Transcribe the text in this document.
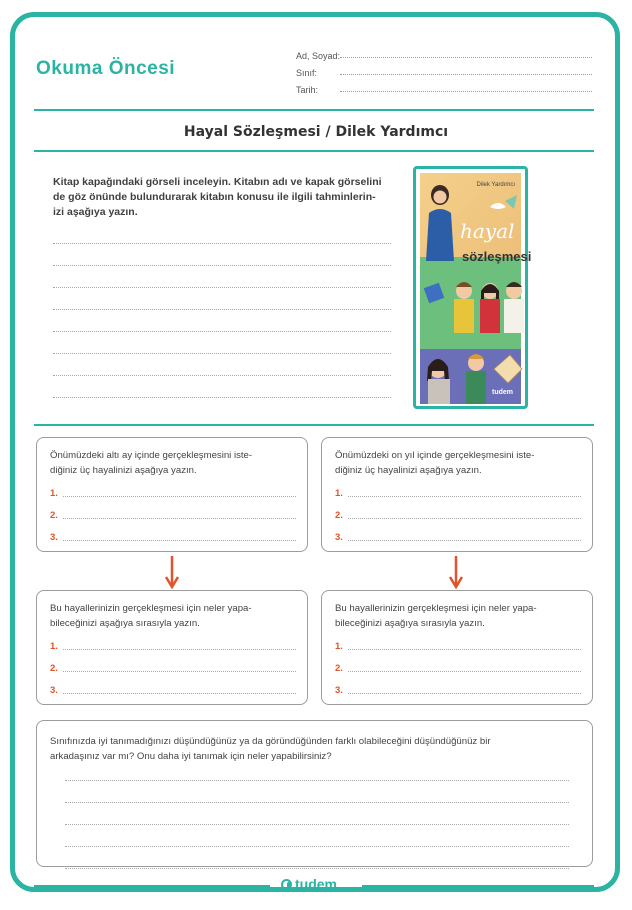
Okuma Öncesi
Ad, Soyad:
Sınıf:
Tarih:
Hayal Sözleşmesi / Dilek Yardımcı
Kitap kapağındaki görseli inceleyin. Kitabın adı ve kapak görselini
de göz önünde bulundurarak kitabın konusu ile ilgili tahminlerin-
izi aşağıya yazın.
Dilek Yardımcı
hayal
sözleşmesi
tudem
Önümüzdeki altı ay içinde gerçekleşmesini iste-
diğiniz üç hayalinizi aşağıya yazın.
1.
2.
3.
Önümüzdeki on yıl içinde gerçekleşmesini iste-
diğiniz üç hayalinizi aşağıya yazın.
1.
2.
3.
Bu hayallerinizin gerçekleşmesi için neler yapa-
bileceğinizi aşağıya sırasıyla yazın.
1.
2.
3.
Bu hayallerinizin gerçekleşmesi için neler yapa-
bileceğinizi aşağıya sırasıyla yazın.
1.
2.
3.
Sınıfınızda iyi tanımadığınızı düşündüğünüz ya da göründüğünden farklı olabileceğini düşündüğünüz bir
arkadaşınız var mı? Onu daha iyi tanımak için neler yapabilirsiniz?
tudem
